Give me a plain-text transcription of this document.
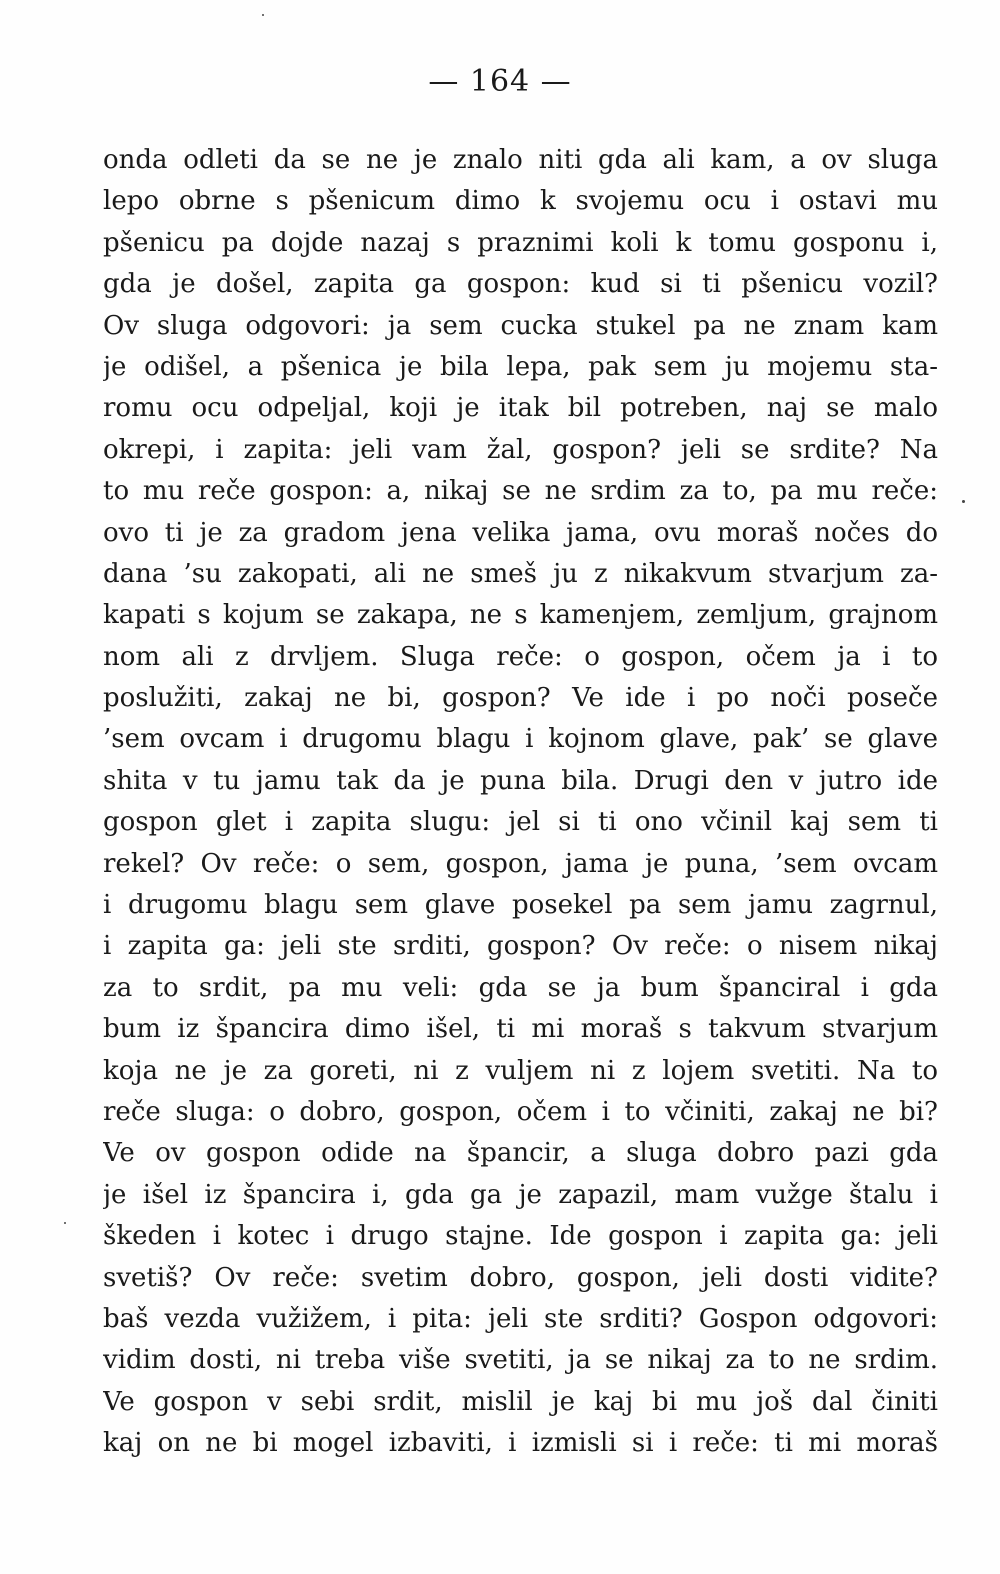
— 164 —
onda odleti da se ne je znalo niti gda ali kam, a ov sluga
lepo obrne s pšenicum dimo k svojemu ocu i ostavi mu
pšenicu pa dojde nazaj s praznimi koli k tomu gosponu i,
gda je došel, zapita ga gospon: kud si ti pšenicu vozil?
Ov sluga odgovori: ja sem cucka stukel pa ne znam kam
je odišel, a pšenica je bila lepa, pak sem ju mojemu sta-
romu ocu odpeljal, koji je itak bil potreben, naj se malo
okrepi, i zapita: jeli vam žal, gospon? jeli se srdite? Na
to mu reče gospon: a, nikaj se ne srdim za to, pa mu reče:
ovo ti je za gradom jena velika jama, ovu moraš nočes do
dana ’su zakopati, ali ne smeš ju z nikakvum stvarjum za-
kapati s kojum se zakapa, ne s kamenjem, zemljum, grajnom
nom ali z drvljem. Sluga reče: o gospon, očem ja i to
poslužiti, zakaj ne bi, gospon? Ve ide i po noči poseče
’sem ovcam i drugomu blagu i kojnom glave, pak’ se glave
shita v tu jamu tak da je puna bila. Drugi den v jutro ide
gospon glet i zapita slugu: jel si ti ono včinil kaj sem ti
rekel? Ov reče: o sem, gospon, jama je puna, ’sem ovcam
i drugomu blagu sem glave posekel pa sem jamu zagrnul,
i zapita ga: jeli ste srditi, gospon? Ov reče: o nisem nikaj
za to srdit, pa mu veli: gda se ja bum španciral i gda
bum iz špancira dimo išel, ti mi moraš s takvum stvarjum
koja ne je za goreti, ni z vuljem ni z lojem svetiti. Na to
reče sluga: o dobro, gospon, očem i to včiniti, zakaj ne bi?
Ve ov gospon odide na špancir, a sluga dobro pazi gda
je išel iz špancira i, gda ga je zapazil, mam vužge štalu i
škeden i kotec i drugo stajne. Ide gospon i zapita ga: jeli
svetiš? Ov reče: svetim dobro, gospon, jeli dosti vidite?
baš vezda vužižem, i pita: jeli ste srditi? Gospon odgovori:
vidim dosti, ni treba više svetiti, ja se nikaj za to ne srdim.
Ve gospon v sebi srdit, mislil je kaj bi mu još dal činiti
kaj on ne bi mogel izbaviti, i izmisli si i reče: ti mi moraš
